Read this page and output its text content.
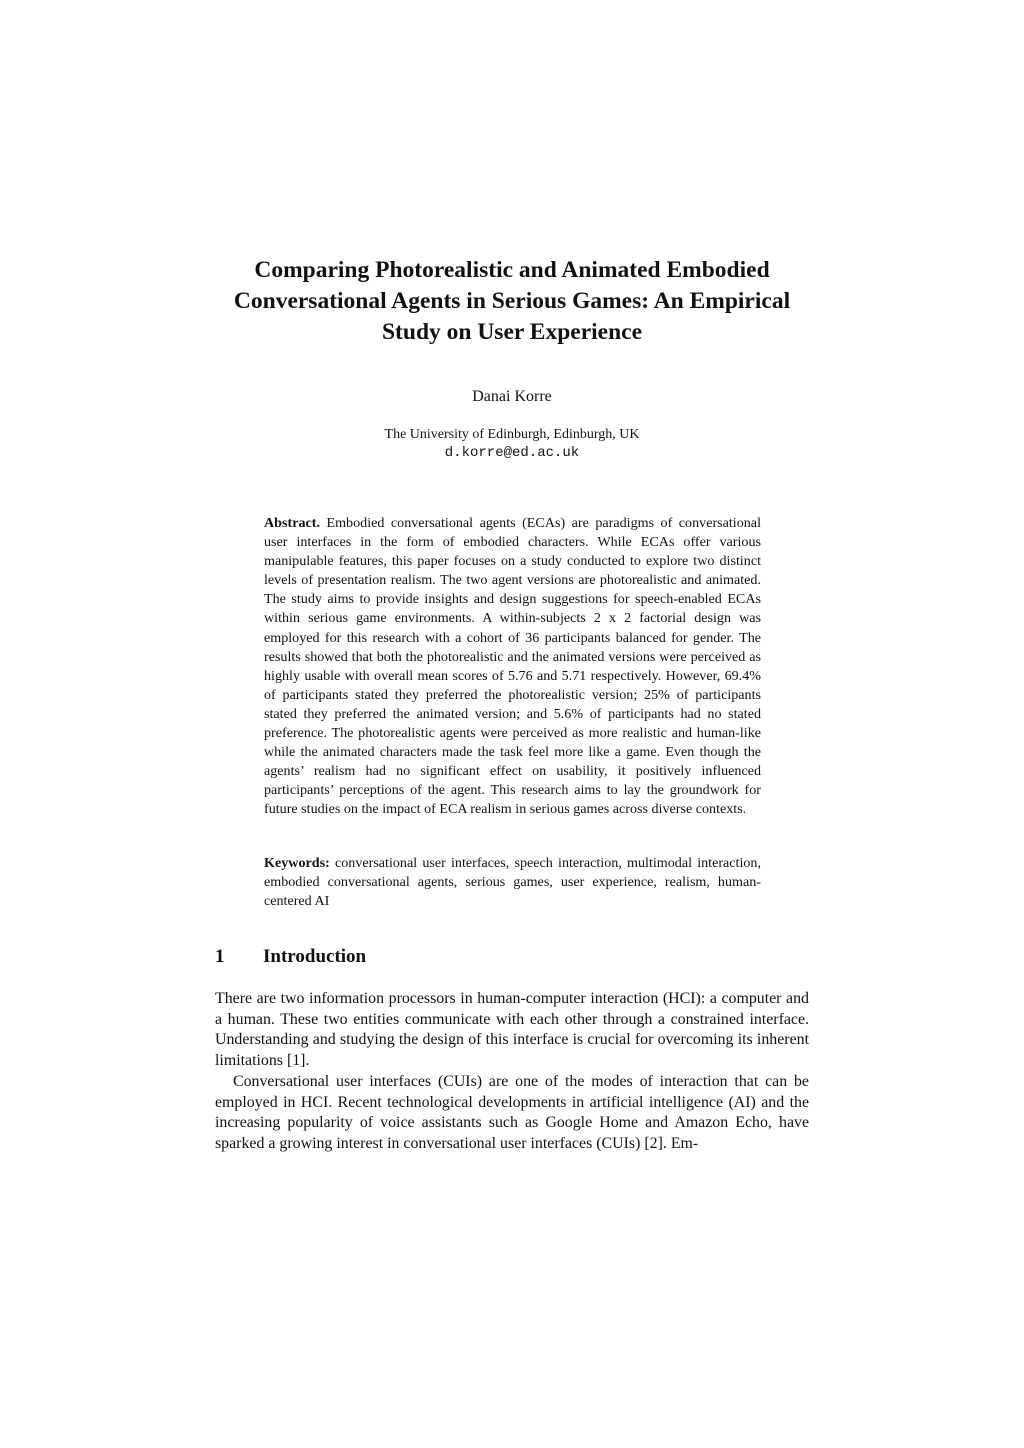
Comparing Photorealistic and Animated Embodied
Conversational Agents in Serious Games: An Empirical
Study on User Experience
Danai Korre
The University of Edinburgh, Edinburgh, UK
d.korre@ed.ac.uk
Abstract. Embodied conversational agents (ECAs) are paradigms of conversational user interfaces in the form of embodied characters. While ECAs offer various manipulable features, this paper focuses on a study conducted to explore two distinct levels of presentation realism. The two agent versions are photorealistic and animated. The study aims to provide insights and design suggestions for speech-enabled ECAs within serious game environments. A within-subjects 2 x 2 factorial design was employed for this research with a cohort of 36 participants balanced for gender. The results showed that both the photorealistic and the animated versions were perceived as highly usable with overall mean scores of 5.76 and 5.71 respectively. However, 69.4% of participants stated they preferred the photorealistic version; 25% of participants stated they preferred the animated version; and 5.6% of participants had no stated preference. The photorealistic agents were perceived as more realistic and human-like while the animated characters made the task feel more like a game. Even though the agents’ realism had no significant effect on usability, it positively influenced participants’ perceptions of the agent. This research aims to lay the groundwork for future studies on the impact of ECA realism in serious games across diverse contexts.
Keywords: conversational user interfaces, speech interaction, multimodal interaction, embodied conversational agents, serious games, user experience, realism, human-centered AI
1 Introduction

There are two information processors in human-computer interaction (HCI): a computer and a human. These two entities communicate with each other through a constrained interface. Understanding and studying the design of this interface is crucial for overcoming its inherent limitations [1].

Conversational user interfaces (CUIs) are one of the modes of interaction that can be employed in HCI. Recent technological developments in artificial intelligence (AI) and the increasing popularity of voice assistants such as Google Home and Amazon Echo, have sparked a growing interest in conversational user interfaces (CUIs) [2]. Em-
